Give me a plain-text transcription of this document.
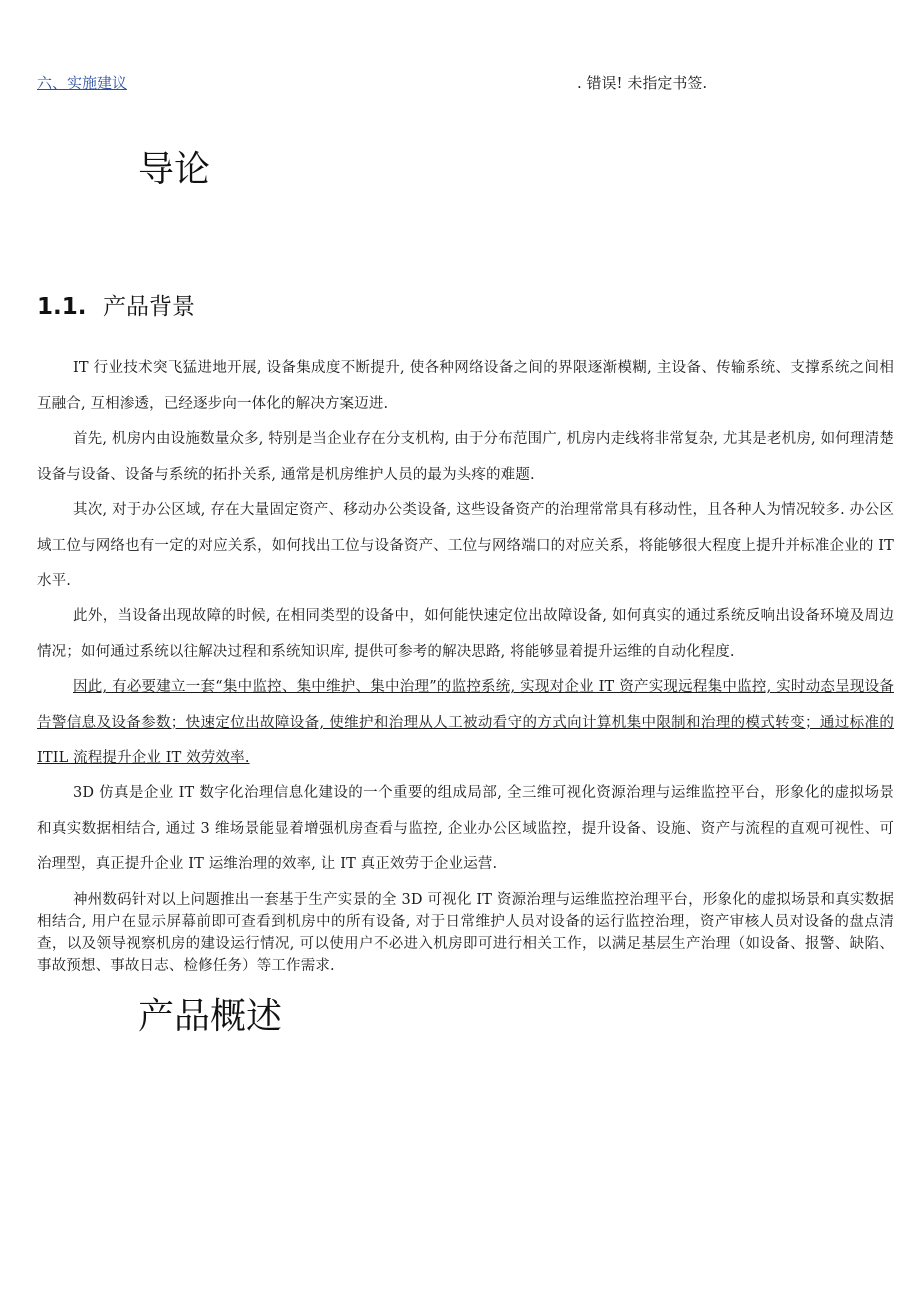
六、实施建议	. 错误! 未指定书签.
导论
1.1. 产品背景

IT 行业技术突飞猛进地开展, 设备集成度不断提升, 使各种网络设备之间的界限逐渐模糊, 主设备、传输系统、支撑系统之间相互融合, 互相渗透，已经逐步向一体化的解决方案迈进.

首先, 机房内由设施数量众多, 特别是当企业存在分支机构, 由于分布范围广, 机房内走线将非常复杂, 尤其是老机房, 如何理清楚设备与设备、设备与系统的拓扑关系, 通常是机房维护人员的最为头疼的难题.

其次, 对于办公区域, 存在大量固定资产、移动办公类设备, 这些设备资产的治理常常具有移动性，且各种人为情况较多. 办公区域工位与网络也有一定的对应关系，如何找出工位与设备资产、工位与网络端口的对应关系，将能够很大程度上提升并标准企业的 IT 水平.

此外，当设备出现故障的时候, 在相同类型的设备中，如何能快速定位出故障设备, 如何真实的通过系统反响出设备环境及周边情况；如何通过系统以往解决过程和系统知识库, 提供可参考的解决思路, 将能够显着提升运维的自动化程度.

因此, 有必要建立一套“集中监控、集中维护、集中治理”的监控系统, 实现对企业 IT 资产实现远程集中监控, 实时动态呈现设备告警信息及设备参数；快速定位出故障设备, 使维护和治理从人工被动看守的方式向计算机集中限制和治理的模式转变；通过标准的 ITIL 流程提升企业 IT 效劳效率.

3D 仿真是企业 IT 数字化治理信息化建设的一个重要的组成局部, 全三维可视化资源治理与运维监控平台，形象化的虚拟场景和真实数据相结合, 通过 3 维场景能显着增强机房查看与监控, 企业办公区域监控，提升设备、设施、资产与流程的直观可视性、可治理型，真正提升企业 IT 运维治理的效率, 让 IT 真正效劳于企业运营.

神州数码针对以上问题推出一套基于生产实景的全 3D 可视化 IT 资源治理与运维监控治理平台，形象化的虚拟场景和真实数据相结合, 用户在显示屏幕前即可查看到机房中的所有设备, 对于日常维护人员对设备的运行监控治理，资产审核人员对设备的盘点清查，以及领导视察机房的建设运行情况, 可以使用户不必进入机房即可进行相关工作，以满足基层生产治理（如设备、报警、缺陷、事故预想、事故日志、检修任务）等工作需求.

产品概述
